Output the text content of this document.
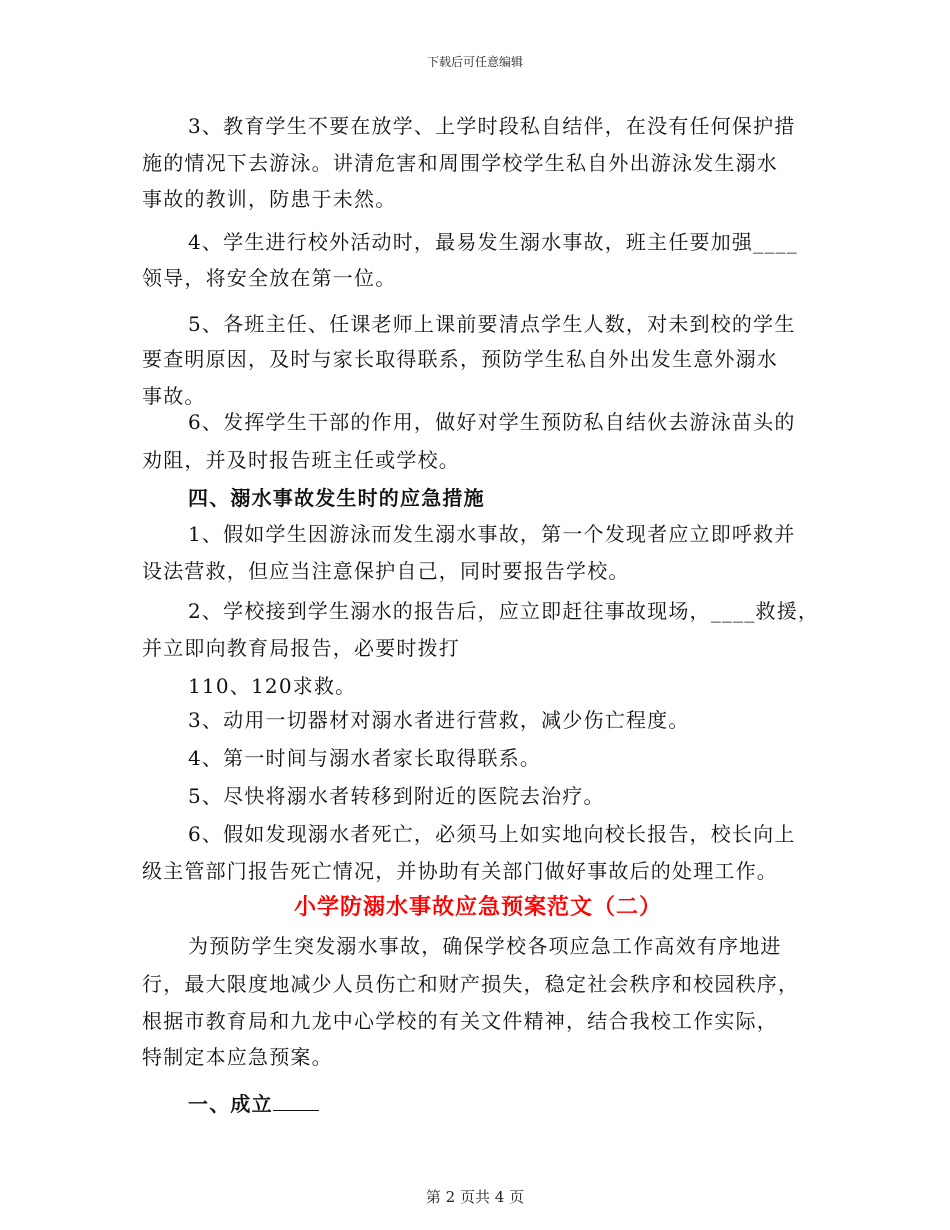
下载后可任意编辑
3、教育学生不要在放学、上学时段私自结伴，在没有任何保护措
施的情况下去游泳。讲清危害和周围学校学生私自外出游泳发生溺水
事故的教训，防患于未然。
4、学生进行校外活动时，最易发生溺水事故，班主任要加强____
领导，将安全放在第一位。
5、各班主任、任课老师上课前要清点学生人数，对未到校的学生
要查明原因，及时与家长取得联系，预防学生私自外出发生意外溺水
事故。
6、发挥学生干部的作用，做好对学生预防私自结伙去游泳苗头的
劝阻，并及时报告班主任或学校。
四、溺水事故发生时的应急措施
1、假如学生因游泳而发生溺水事故，第一个发现者应立即呼救并
设法营救，但应当注意保护自己，同时要报告学校。
2、学校接到学生溺水的报告后，应立即赶往事故现场，____救援，
并立即向教育局报告，必要时拨打
110、120求救。
3、动用一切器材对溺水者进行营救，减少伤亡程度。
4、第一时间与溺水者家长取得联系。
5、尽快将溺水者转移到附近的医院去治疗。
6、假如发现溺水者死亡，必须马上如实地向校长报告，校长向上
级主管部门报告死亡情况，并协助有关部门做好事故后的处理工作。
小学防溺水事故应急预案范文（二）
为预防学生突发溺水事故，确保学校各项应急工作高效有序地进
行，最大限度地减少人员伤亡和财产损失，稳定社会秩序和校园秩序，
根据市教育局和九龙中心学校的有关文件精神，结合我校工作实际，
特制定本应急预案。
一、成立
第 2 页共 4 页
